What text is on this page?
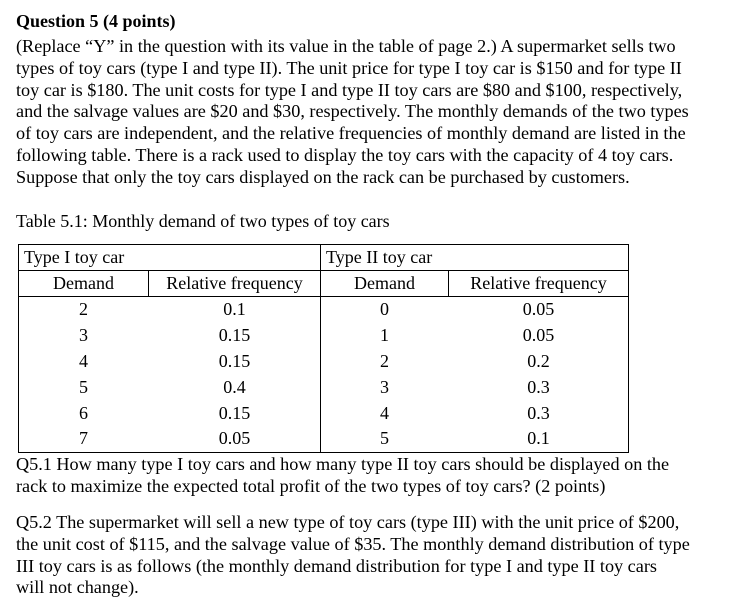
Question 5 (4 points)

(Replace “Y” in the question with its value in the table of page 2.) A supermarket sells two
types of toy cars (type I and type II). The unit price for type I toy car is $150 and for type II
toy car is $180. The unit costs for type I and type II toy cars are $80 and $100, respectively,
and the salvage values are $20 and $30, respectively. The monthly demands of the two types
of toy cars are independent, and the relative frequencies of monthly demand are listed in the
following table. There is a rack used to display the toy cars with the capacity of 4 toy cars.
Suppose that only the toy cars displayed on the rack can be purchased by customers.

Table 5.1: Monthly demand of two types of toy cars
Type I toy car	Type II toy car
Demand	Relative frequency	Demand	Relative frequency
2	0.1	0	0.05
3	0.15	1	0.05
4	0.15	2	0.2
5	0.4	3	0.3
6	0.15	4	0.3
7	0.05	5	0.1

Q5.1 How many type I toy cars and how many type II toy cars should be displayed on the
rack to maximize the expected total profit of the two types of toy cars? (2 points)

Q5.2 The supermarket will sell a new type of toy cars (type III) with the unit price of $200,
the unit cost of $115, and the salvage value of $35. The monthly demand distribution of type
III toy cars is as follows (the monthly demand distribution for type I and type II toy cars
will not change).
